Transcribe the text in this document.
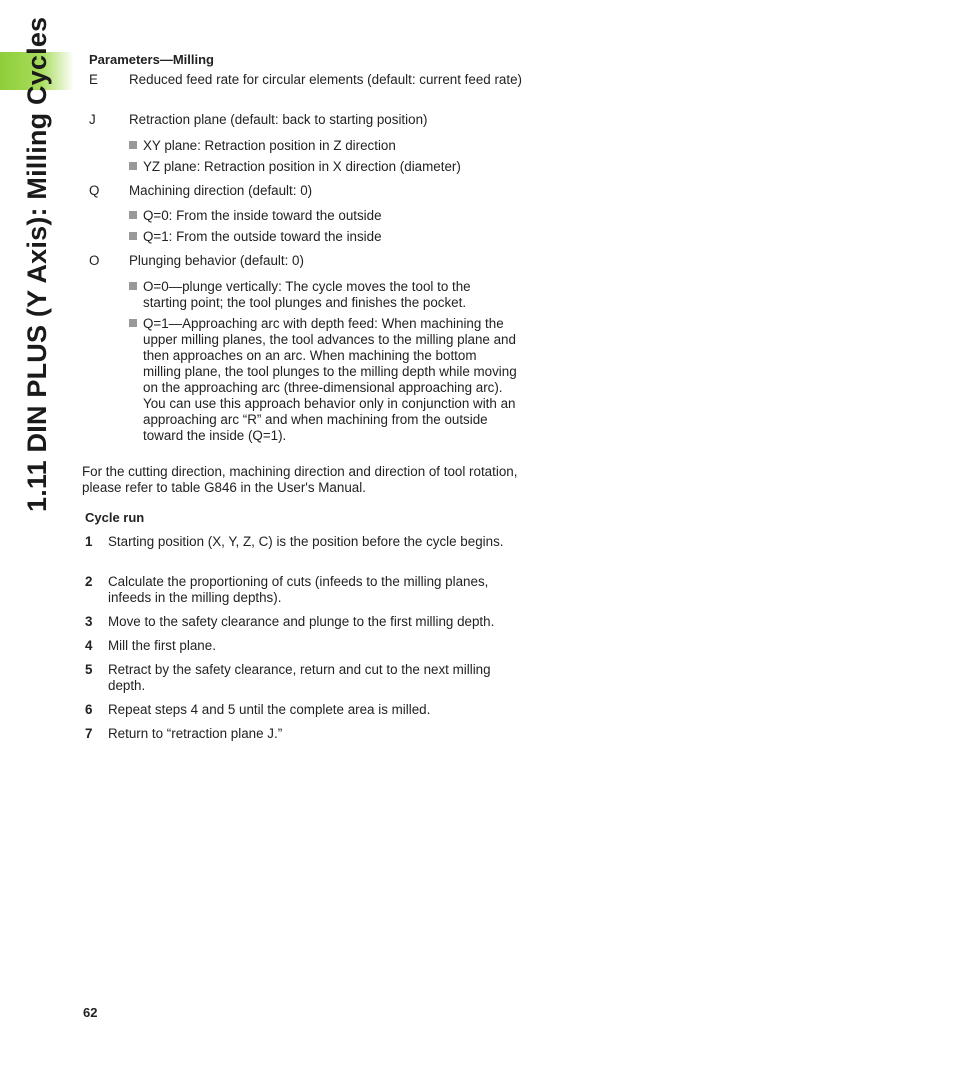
1.11 DIN PLUS (Y Axis): Milling Cycles	Parameters—Milling
E Reduced feed rate for circular elements (default: current feed rate)
J Retraction plane (default: back to starting position)
XY plane: Retraction position in Z direction
YZ plane: Retraction position in X direction (diameter)
Q Machining direction (default: 0)
Q=0: From the inside toward the outside
Q=1: From the outside toward the inside
O Plunging behavior (default: 0)
O=0—plunge vertically: The cycle moves the tool to the starting point; the tool plunges and finishes the pocket.
Q=1—Approaching arc with depth feed: When machining the upper milling planes, the tool advances to the milling plane and then approaches on an arc. When machining the bottom milling plane, the tool plunges to the milling depth while moving on the approaching arc (three-dimensional approaching arc). You can use this approach behavior only in conjunction with an approaching arc “R” and when machining from the outside toward the inside (Q=1).
For the cutting direction, machining direction and direction of tool rotation, please refer to table G846 in the User's Manual.
Cycle run
1 Starting position (X, Y, Z, C) is the position before the cycle begins.
2 Calculate the proportioning of cuts (infeeds to the milling planes, infeeds in the milling depths).
3 Move to the safety clearance and plunge to the first milling depth.
4 Mill the first plane.
5 Retract by the safety clearance, return and cut to the next milling depth.
6 Repeat steps 4 and 5 until the complete area is milled.
7 Return to “retraction plane J.”
62
